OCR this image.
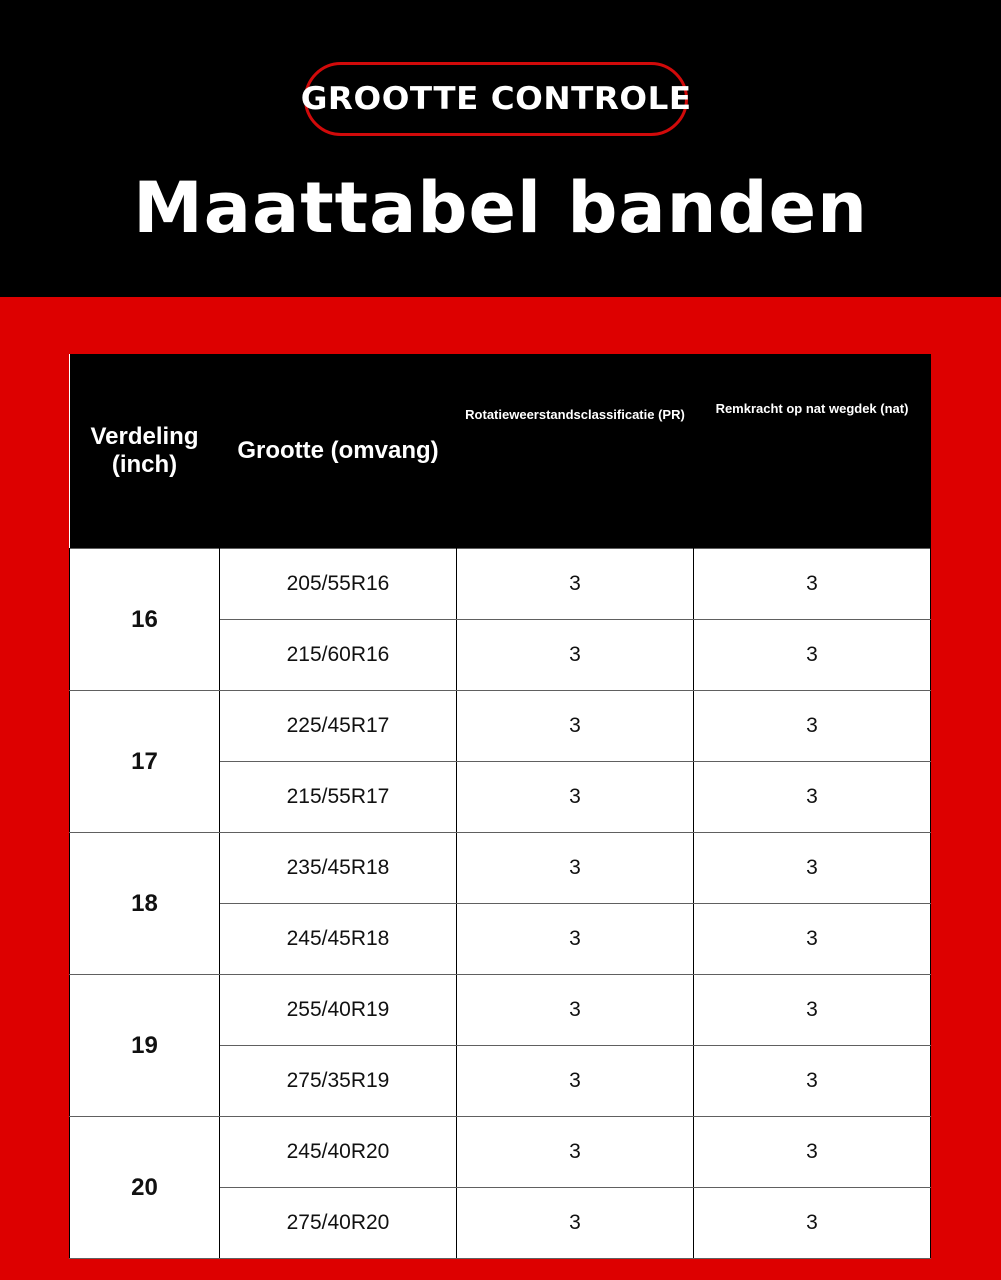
GROOTTE CONTROLE
Maattabel banden
Verdeling (inch)	Grootte (omvang)	Rotatieweerstandsclassificatie (PR)	Remkracht op nat wegdek (nat)
16	205/55R16	3	3
	215/60R16	3	3
17	225/45R17	3	3
	215/55R17	3	3
18	235/45R18	3	3
	245/45R18	3	3
19	255/40R19	3	3
	275/35R19	3	3
20	245/40R20	3	3
	275/40R20	3	3
